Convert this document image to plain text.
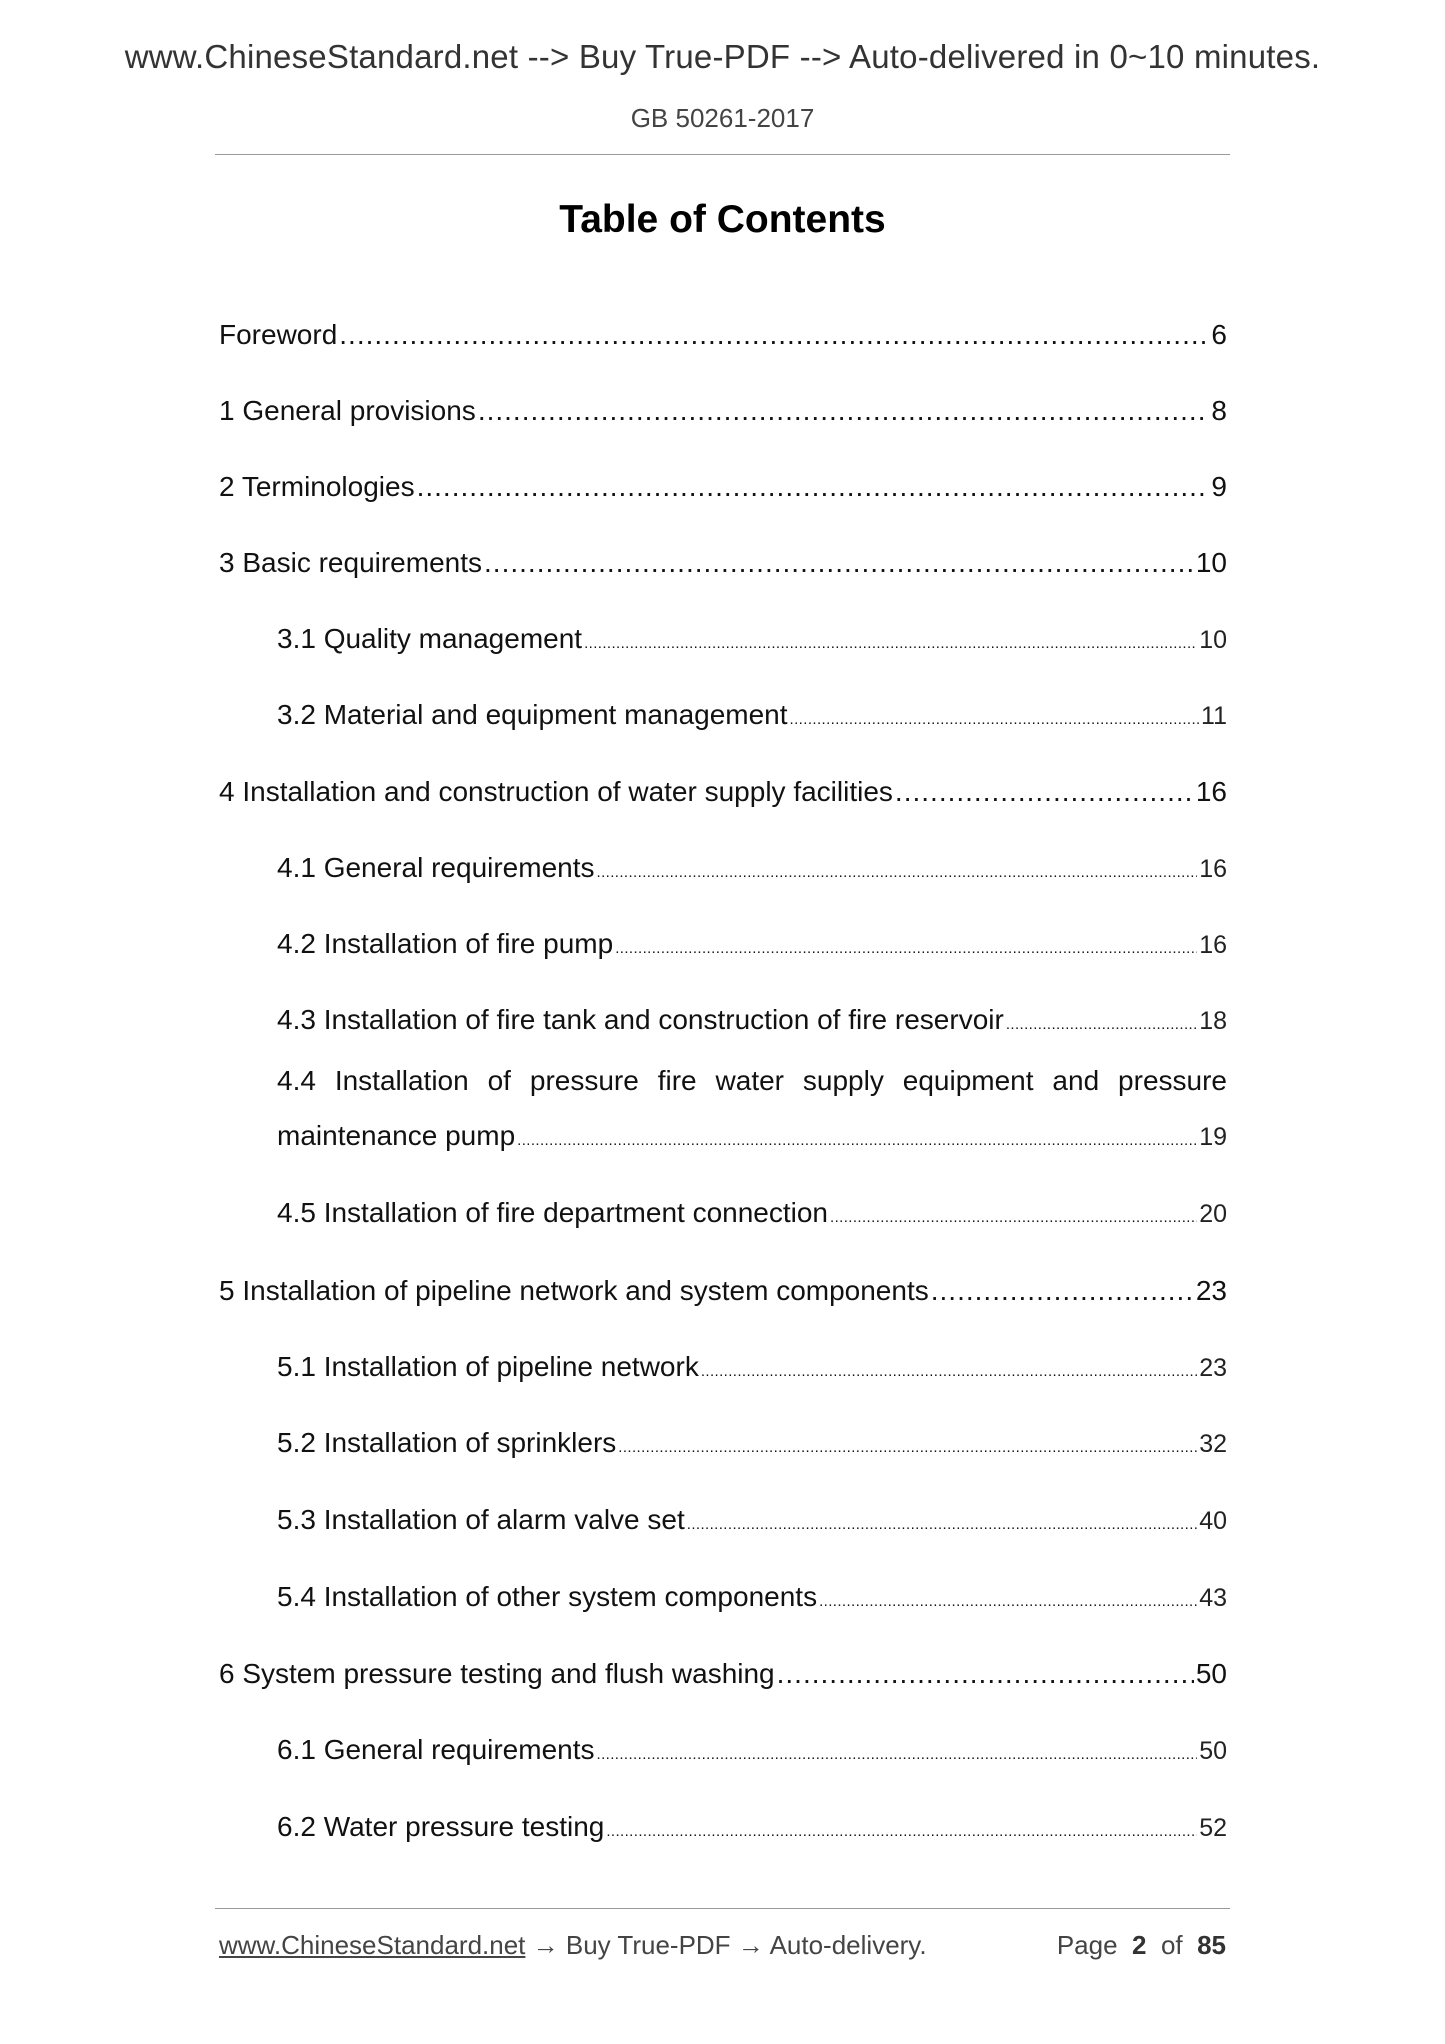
www.ChineseStandard.net --> Buy True-PDF --> Auto-delivered in 0~10 minutes.
GB 50261-2017
Table of Contents
Foreword .....	6
1 General provisions .....	8
2 Terminologies .....	9
3 Basic requirements .....	10
3.1 Quality management .....	10
3.2 Material and equipment management .....	11
4 Installation and construction of water supply facilities .....	16
4.1 General requirements .....	16
4.2 Installation of fire pump .....	16
4.3 Installation of fire tank and construction of fire reservoir .....	18
4.4 Installation of pressure fire water supply equipment and pressure
maintenance pump .....	19
4.5 Installation of fire department connection .....	20
5 Installation of pipeline network and system components .....	23
5.1 Installation of pipeline network .....	23
5.2 Installation of sprinklers .....	32
5.3 Installation of alarm valve set .....	40
5.4 Installation of other system components .....	43
6 System pressure testing and flush washing .....	50
6.1 General requirements .....	50
6.2 Water pressure testing .....	52
www.ChineseStandard.net → Buy True-PDF → Auto-delivery.	Page 2 of 85
